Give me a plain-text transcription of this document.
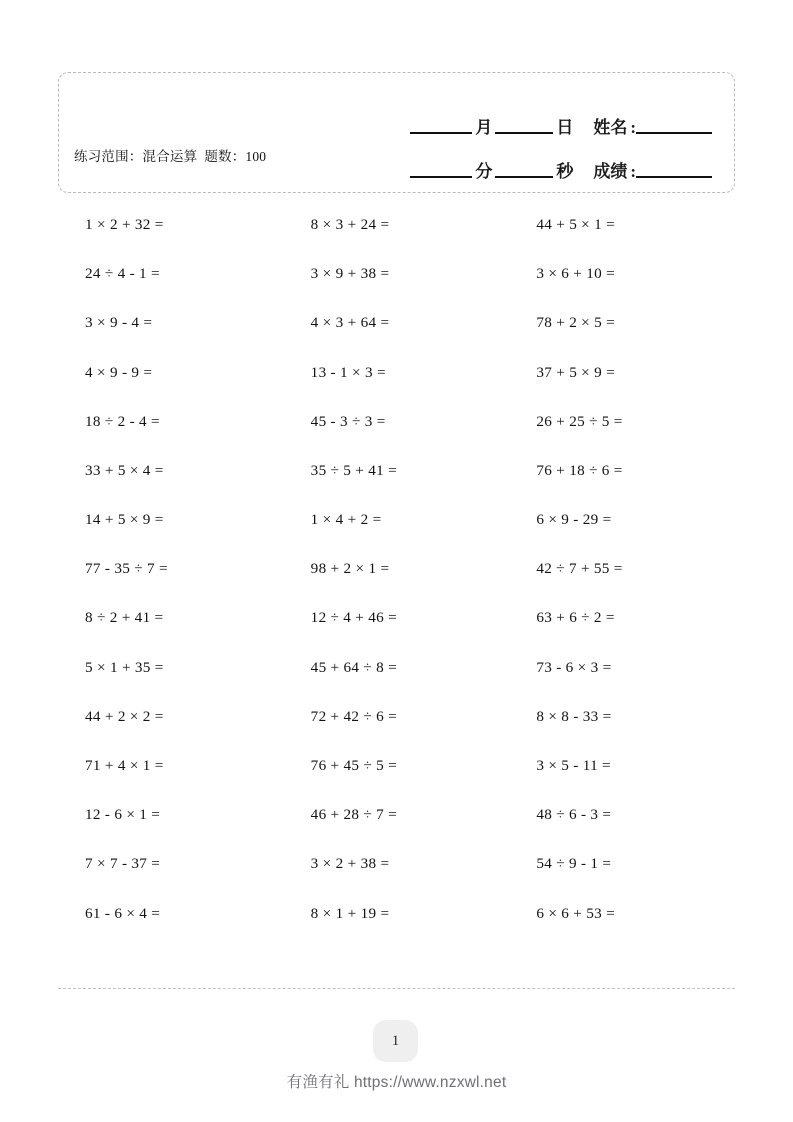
练习范围：混合运算 题数：100
月	日 姓名 :
分	秒 成绩 :
1 × 2 + 32 =	8 × 3 + 24 =	44 + 5 × 1 =
24 ÷ 4 - 1 =	3 × 9 + 38 =	3 × 6 + 10 =
3 × 9 - 4 =	4 × 3 + 64 =	78 + 2 × 5 =
4 × 9 - 9 =	13 - 1 × 3 =	37 + 5 × 9 =
18 ÷ 2 - 4 =	45 - 3 ÷ 3 =	26 + 25 ÷ 5 =
33 + 5 × 4 =	35 ÷ 5 + 41 =	76 + 18 ÷ 6 =
14 + 5 × 9 =	1 × 4 + 2 =	6 × 9 - 29 =
77 - 35 ÷ 7 =	98 + 2 × 1 =	42 ÷ 7 + 55 =
8 ÷ 2 + 41 =	12 ÷ 4 + 46 =	63 + 6 ÷ 2 =
5 × 1 + 35 =	45 + 64 ÷ 8 =	73 - 6 × 3 =
44 + 2 × 2 =	72 + 42 ÷ 6 =	8 × 8 - 33 =
71 + 4 × 1 =	76 + 45 ÷ 5 =	3 × 5 - 11 =
12 - 6 × 1 =	46 + 28 ÷ 7 =	48 ÷ 6 - 3 =
7 × 7 - 37 =	3 × 2 + 38 =	54 ÷ 9 - 1 =
61 - 6 × 4 =	8 × 1 + 19 =	6 × 6 + 53 =
1
有渔有礼 https://www.nzxwl.net
